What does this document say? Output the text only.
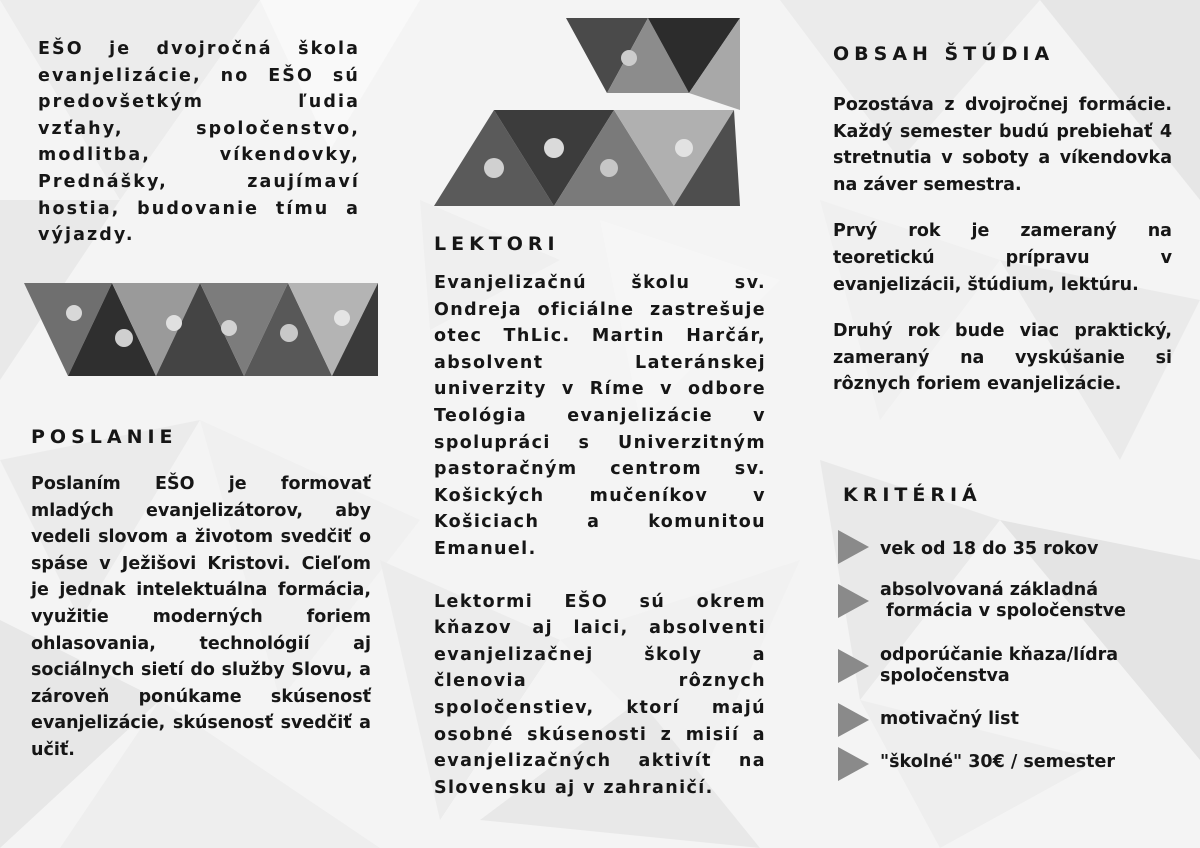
EŠO je dvojročná škola evanjelizácie, no EŠO sú predovšetkým ľudia vzťahy, spoločenstvo, modlitba, víkendovky, Prednášky, zaujímaví hostia, budovanie tímu a výjazdy.

POSLANIE

Poslaním EŠO je formovať mladých evanjelizátorov, aby vedeli slovom a životom svedčiť o spáse v Ježišovi Kristovi. Cieľom je jednak intelektuálna formácia, využitie moderných foriem ohlasovania, technológií aj sociálnych sietí do služby Slovu, a zároveň ponúkame skúsenosť evanjelizácie, skúsenosť svedčiť a učiť.

LEKTORI

Evanjelizačnú školu sv. Ondreja oficiálne zastrešuje otec ThLic. Martin Harčár, absolvent Lateránskej univerzity v Ríme v odbore Teológia evanjelizácie v spolupráci s Univerzitným pastoračným centrom sv. Košických mučeníkov v Košiciach a komunitou Emanuel.

Lektormi EŠO sú okrem kňazov aj laici, absolventi evanjelizačnej školy a členovia rôznych spoločenstiev, ktorí majú osobné skúsenosti z misií a evanjelizačných aktivít na Slovensku aj v zahraničí.

OBSAH ŠTÚDIA

Pozostáva z dvojročnej formácie. Každý semester budú prebiehať 4 stretnutia v soboty a víkendovka na záver semestra.

Prvý rok je zameraný na teoretickú prípravu v evanjelizácii, štúdium, lektúru.

Druhý rok bude viac praktický, zameraný na vyskúšanie si rôznych foriem evanjelizácie.

KRITÉRIÁ
vek od 18 do 35 rokov
absolvovaná základná
formácia v spoločenstve
odporúčanie kňaza/lídra
spoločenstva
motivačný list
"školné" 30€ / semester
